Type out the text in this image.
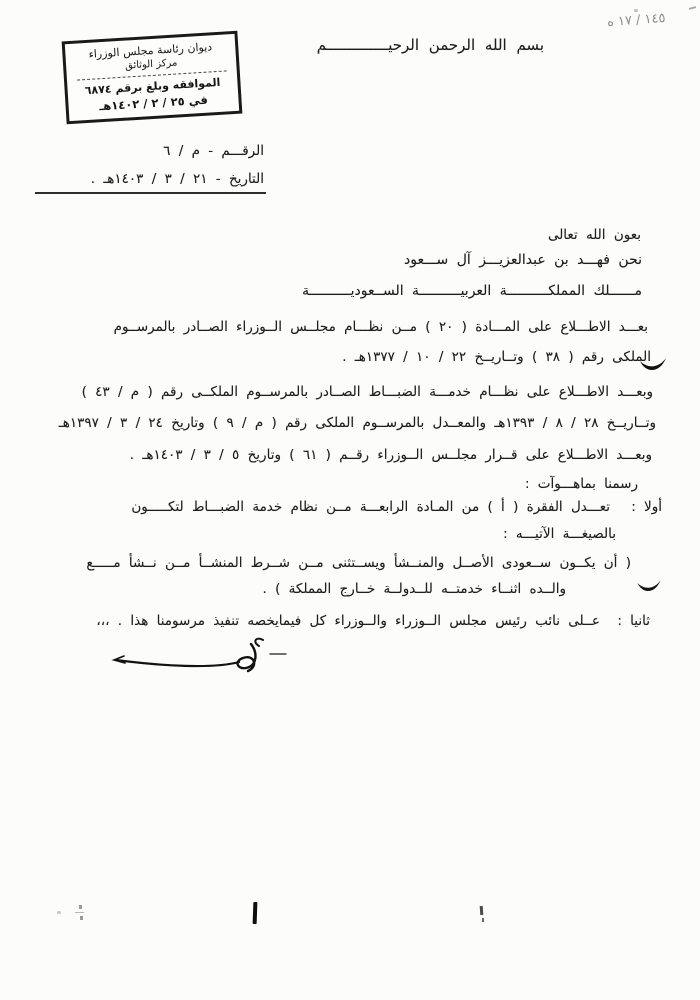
١٤٥ / ١٧ ە
بسم الله الرحمن الرحيــــــــــــــم
ديوان رئاسة مجلس الوزراء
مركز الوثائق
الموافقه وبلغ برقم ٦٨٧٤
في ٢٥ / ٢ / ١٤٠٢هـ
الرقـــم - م / ٦
التاريخ - ٢١ / ٣ / ١٤٠٣هـ .
بعون الله تعالى
نحن فهـــد بن عبدالعزيـــز آل ســـعود
مــــــلك المملكــــــــــة العربيــــــــــة الســعوديــــــــــة
بعـــد الاطـــلاع على المـــادة ( ٢٠ ) مــن نظـــام مجلــس الــوزراء الصــادر بالمرســوم
الملكى رقم ( ٣٨ ) وتــاريــخ ٢٢ / ١٠ / ١٣٧٧هـ .
وبعـــد الاطـــلاع على نظـــام خدمـــة الضبـــاط الصــادر بالمرســوم الملكــى رقم ( م / ٤٣ )
وتــاريــخ ٢٨ / ٨ / ١٣٩٣هـ والمعــدل بالمرســوم الملكى رقم ( م / ٩ ) وتاريخ ٢٤ / ٣ / ١٣٩٧هـ
وبعـــد الاطـــلاع على قــرار مجلــس الــوزراء رقــم ( ٦١ ) وتاريخ ٥ / ٣ / ١٤٠٣هـ .
رسمنا بماهـــوآت :
أولا :
تعـــدل الفقرة ( أ ) من المـادة الرابعـــة مــن نظام خدمة الضبـــاط لتكـــــون
بالصيغـــة الآتيـــه :
( أن يكــون ســعودى الأصــل والمنــشأ ويســتثنى مــن شــرط المنشــأ مــن نــشأ مـــــع
والــده اثنــاء خدمتــه للــدولــة خــارج المملكة ) .
ثانيا :
عــلى نائب رئيس مجلس الــوزراء والــوزراء كل فيمايخصه تنفيذ مرسومنا هذا . ،،،
